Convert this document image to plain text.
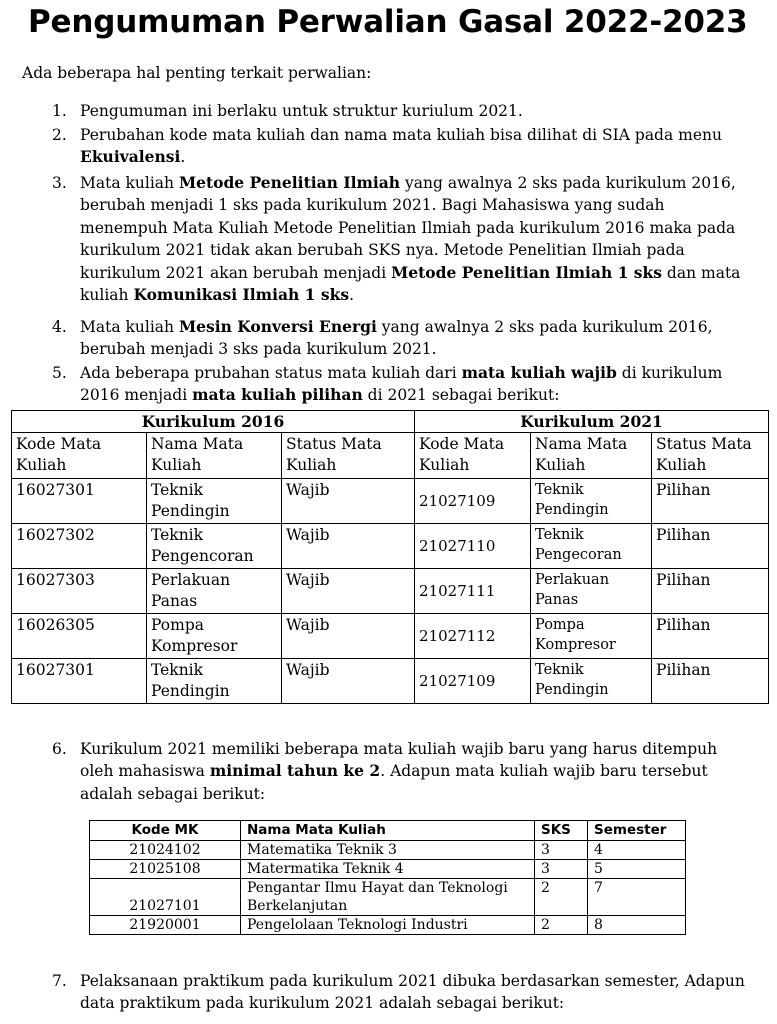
Pengumuman Perwalian Gasal 2022-2023
Ada beberapa hal penting terkait perwalian:
1. Pengumuman ini berlaku untuk struktur kuriulum 2021.
2. Perubahan kode mata kuliah dan nama mata kuliah bisa dilihat di SIA pada menu Ekuivalensi.
3. Mata kuliah Metode Penelitian Ilmiah yang awalnya 2 sks pada kurikulum 2016, berubah menjadi 1 sks pada kurikulum 2021. Bagi Mahasiswa yang sudah menempuh Mata Kuliah Metode Penelitian Ilmiah pada kurikulum 2016 maka pada kurikulum 2021 tidak akan berubah SKS nya. Metode Penelitian Ilmiah pada kurikulum 2021 akan berubah menjadi Metode Penelitian Ilmiah 1 sks dan mata kuliah Komunikasi Ilmiah 1 sks.
4. Mata kuliah Mesin Konversi Energi yang awalnya 2 sks pada kurikulum 2016, berubah menjadi 3 sks pada kurikulum 2021.
5. Ada beberapa prubahan status mata kuliah dari mata kuliah wajib di kurikulum 2016 menjadi mata kuliah pilihan di 2021 sebagai berikut:
Kurikulum 2016			Kurikulum 2021		
Kode Mata Kuliah	Nama Mata Kuliah	Status Mata Kuliah	Kode Mata Kuliah	Nama Mata Kuliah	Status Mata Kuliah
16027301	Teknik Pendingin	Wajib	21027109	Teknik Pendingin	Pilihan
16027302	Teknik Pengencoran	Wajib	21027110	Teknik Pengecoran	Pilihan
16027303	Perlakuan Panas	Wajib	21027111	Perlakuan Panas	Pilihan
16026305	Pompa Kompresor	Wajib	21027112	Pompa Kompresor	Pilihan
16027301	Teknik Pendingin	Wajib	21027109	Teknik Pendingin	Pilihan
6. Kurikulum 2021 memiliki beberapa mata kuliah wajib baru yang harus ditempuh oleh mahasiswa minimal tahun ke 2. Adapun mata kuliah wajib baru tersebut adalah sebagai berikut:
Kode MK	Nama Mata Kuliah	SKS	Semester
21024102	Matematika Teknik 3	3	4
21025108	Matermatika Teknik 4	3	5
21027101	Pengantar Ilmu Hayat dan Teknologi Berkelanjutan	2	7
21920001	Pengelolaan Teknologi Industri	2	8
7. Pelaksanaan praktikum pada kurikulum 2021 dibuka berdasarkan semester, Adapun data praktikum pada kurikulum 2021 adalah sebagai berikut:
